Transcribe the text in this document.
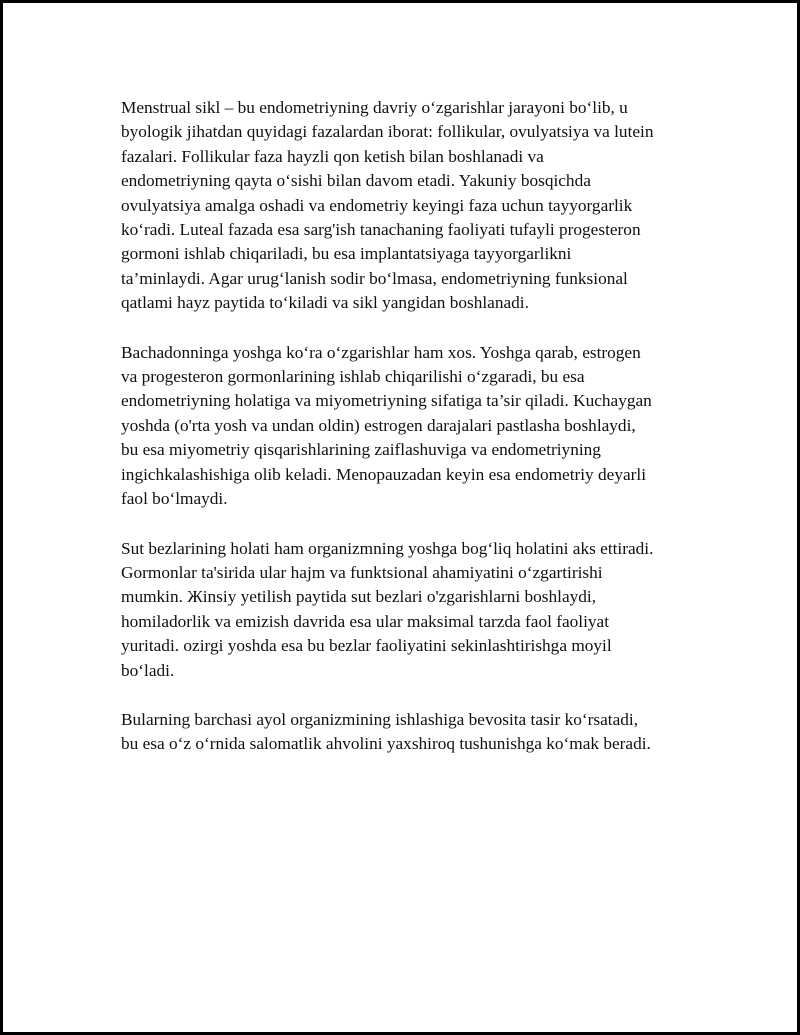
Menstrual sikl – bu endometriyning davriy o‘zgarishlar jarayoni bo‘lib, u
byologik jihatdan quyidagi fazalardan iborat: follikular, ovulyatsiya va lutein
fazalari. Follikular faza hayzli qon ketish bilan boshlanadi va
endometriyning qayta o‘sishi bilan davom etadi. Yakuniy bosqichda
ovulyatsiya amalga oshadi va endometriy keyingi faza uchun tayyorgarlik
ko‘radi. Luteal fazada esa sarg'ish tanachaning faoliyati tufayli progesteron
gormoni ishlab chiqariladi, bu esa implantatsiyaga tayyorgarlikni
ta’minlaydi. Agar urug‘lanish sodir bo‘lmasa, endometriyning funksional
qatlami hayz paytida to‘kiladi va sikl yangidan boshlanadi.

Bachadonninga yoshga ko‘ra o‘zgarishlar ham xos. Yoshga qarab, estrogen
va progesteron gormonlarining ishlab chiqarilishi o‘zgaradi, bu esa
endometriyning holatiga va miyometriyning sifatiga ta’sir qiladi. Kuchaygan
yoshda (o'rta yosh va undan oldin) estrogen darajalari pastlasha boshlaydi,
bu esa miyometriy qisqarishlarining zaiflashuviga va endometriyning
ingichkalashishiga olib keladi. Menopauzadan keyin esa endometriy deyarli
faol bo‘lmaydi.

Sut bezlarining holati ham organizmning yoshga bog‘liq holatini aks ettiradi.
Gormonlar ta'sirida ular hajm va funktsional ahamiyatini o‘zgartirishi
mumkin. Жinsiy yetilish paytida sut bezlari o'zgarishlarni boshlaydi,
homiladorlik va emizish davrida esa ular maksimal tarzda faol faoliyat
yuritadi. ozirgi yoshda esa bu bezlar faoliyatini sekinlashtirishga moyil
bo‘ladi.

Bularning barchasi ayol organizmining ishlashiga bevosita tasir ko‘rsatadi,
bu esa o‘z o‘rnida salomatlik ahvolini yaxshiroq tushunishga ko‘mak beradi.
